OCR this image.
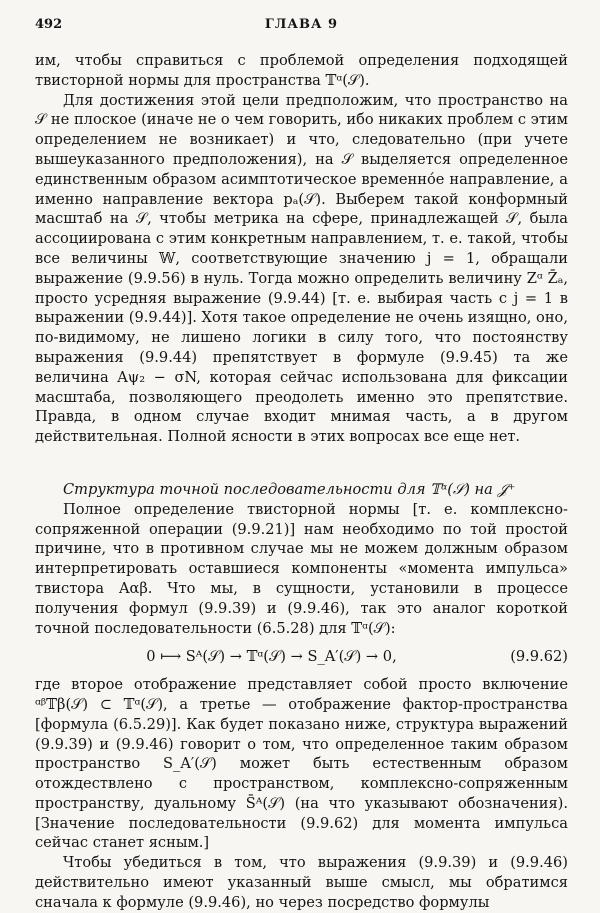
492	ГЛАВА 9

им, чтобы справиться с проблемой определения подходящей твисторной нормы для пространства 𝕋ᵅ(𝒮).

Для достижения этой цели предположим, что пространство на 𝒮 не плоское (иначе не о чем говорить, ибо никаких проблем с этим определением не возникает) и что, следовательно (при учете вышеуказанного предположения), на 𝒮 выделяется определенное единственным образом асимптотическое временно́е направление, а именно направление вектора pₐ(𝒮). Выберем такой конформный масштаб на 𝒮, чтобы метрика на сфере, принадлежащей 𝒮, была ассоциирована с этим конкретным направлением, т. е. такой, чтобы все величины 𝕎, соответствующие значению j = 1, обращали выражение (9.9.56) в нуль. Тогда можно определить величину Zᵅ Z̄ₐ, просто усредняя выражение (9.9.44) [т. е. выбирая часть с j = 1 в выражении (9.9.44)]. Хотя такое определение не очень изящно, оно, по-видимому, не лишено логики в силу того, что постоянству выражения (9.9.44) препятствует в формуле (9.9.45) та же величина Aψ₂ − σN, которая сейчас использована для фиксации масштаба, позволяющего преодолеть именно это препятствие. Правда, в одном случае входит мнимая часть, а в другом действительная. Полной ясности в этих вопросах все еще нет.

Структура точной последовательности для 𝕋ᵅ(𝒮) на 𝒥⁺

Полное определение твисторной нормы [т. е. комплексно-сопряженной операции (9.9.21)] нам необходимо по той простой причине, что в противном случае мы не можем должным образом интерпретировать оставшиеся компоненты «момента импульса» твистора Aαβ. Что мы, в сущности, установили в процессе получения формул (9.9.39) и (9.9.46), так это аналог короткой точной последовательности (6.5.28) для 𝕋ᵅ(𝒮):

0 ⟼ Sᴬ(𝒮) → 𝕋ᵅ(𝒮) → S_A′(𝒮) → 0,	(9.9.62)

где второе отображение представляет собой просто включение ᵅᵝ𝕋β(𝒮) ⊂ 𝕋ᵅ(𝒮), а третье — отображение фактор-пространства [формула (6.5.29)]. Как будет показано ниже, структура выражений (9.9.39) и (9.9.46) говорит о том, что определенное таким образом пространство S_A′(𝒮) может быть естественным образом отождествлено с пространством, комплексно-сопряженным пространству, дуальному S̄ᴬ(𝒮) (на что указывают обозначения). [Значение последовательности (9.9.62) для момента импульса сейчас станет ясным.]

Чтобы убедиться в том, что выражения (9.9.39) и (9.9.46) действительно имеют указанный выше смысл, мы обратимся сначала к формуле (9.9.46), но через посредство формулы
